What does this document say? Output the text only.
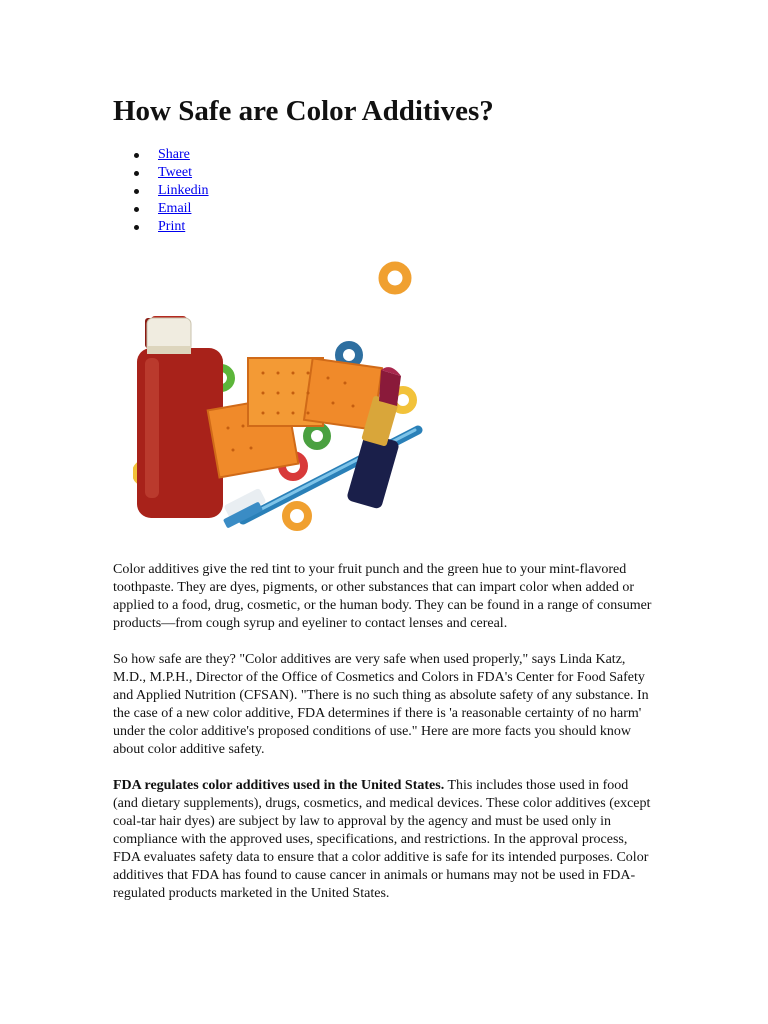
How Safe are Color Additives?
Share
Tweet
Linkedin
Email
Print

Color additives give the red tint to your fruit punch and the green hue to your mint-flavored toothpaste. They are dyes, pigments, or other substances that can impart color when added or applied to a food, drug, cosmetic, or the human body. They can be found in a range of consumer products—from cough syrup and eyeliner to contact lenses and cereal.

So how safe are they? "Color additives are very safe when used properly," says Linda Katz, M.D., M.P.H., Director of the Office of Cosmetics and Colors in FDA's Center for Food Safety and Applied Nutrition (CFSAN). "There is no such thing as absolute safety of any substance. In the case of a new color additive, FDA determines if there is 'a reasonable certainty of no harm' under the color additive's proposed conditions of use." Here are more facts you should know about color additive safety.

FDA regulates color additives used in the United States. This includes those used in food (and dietary supplements), drugs, cosmetics, and medical devices. These color additives (except coal-tar hair dyes) are subject by law to approval by the agency and must be used only in compliance with the approved uses, specifications, and restrictions. In the approval process, FDA evaluates safety data to ensure that a color additive is safe for its intended purposes. Color additives that FDA has found to cause cancer in animals or humans may not be used in FDA-regulated products marketed in the United States.
